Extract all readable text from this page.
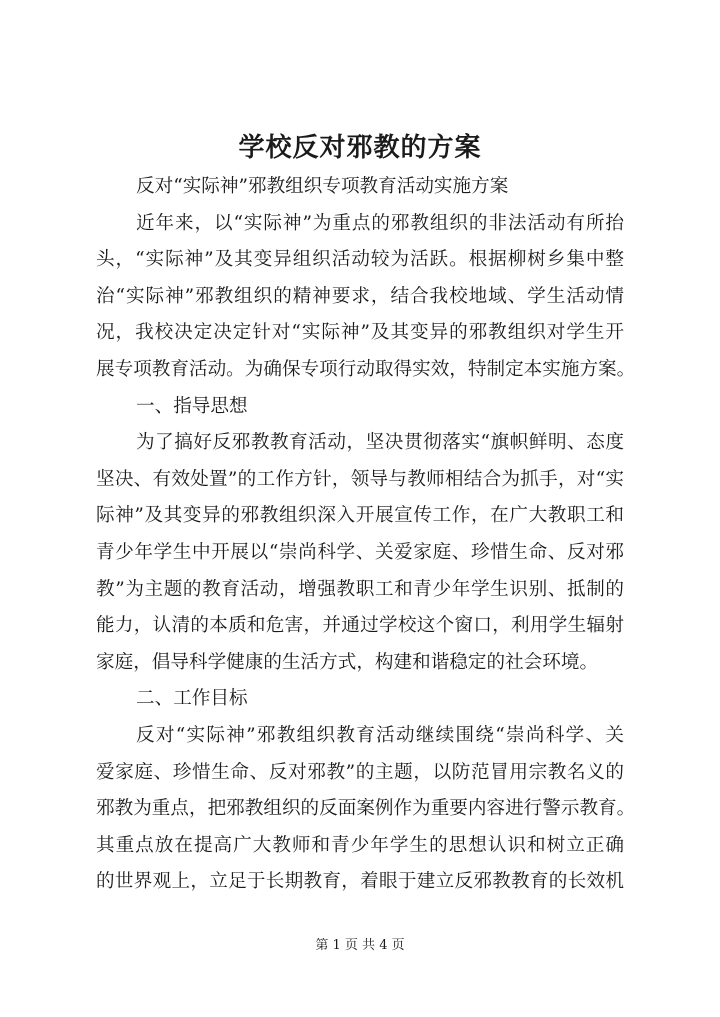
学校反对邪教的方案
反对“实际神”邪教组织专项教育活动实施方案
近年来，以“实际神”为重点的邪教组织的非法活动有所抬
头，“实际神”及其变异组织活动较为活跃。根据柳树乡集中整
治“实际神”邪教组织的精神要求，结合我校地域、学生活动情
况，我校决定决定针对“实际神”及其变异的邪教组织对学生开
展专项教育活动。为确保专项行动取得实效，特制定本实施方案。
一、指导思想
为了搞好反邪教教育活动，坚决贯彻落实“旗帜鲜明、态度
坚决、有效处置”的工作方针，领导与教师相结合为抓手，对“实
际神”及其变异的邪教组织深入开展宣传工作，在广大教职工和
青少年学生中开展以“崇尚科学、关爱家庭、珍惜生命、反对邪
教”为主题的教育活动，增强教职工和青少年学生识别、抵制的
能力，认清的本质和危害，并通过学校这个窗口，利用学生辐射
家庭，倡导科学健康的生活方式，构建和谐稳定的社会环境。
二、工作目标
反对“实际神”邪教组织教育活动继续围绕“崇尚科学、关
爱家庭、珍惜生命、反对邪教”的主题，以防范冒用宗教名义的
邪教为重点，把邪教组织的反面案例作为重要内容进行警示教育。
其重点放在提高广大教师和青少年学生的思想认识和树立正确
的世界观上，立足于长期教育，着眼于建立反邪教教育的长效机
第 1 页 共 4 页
